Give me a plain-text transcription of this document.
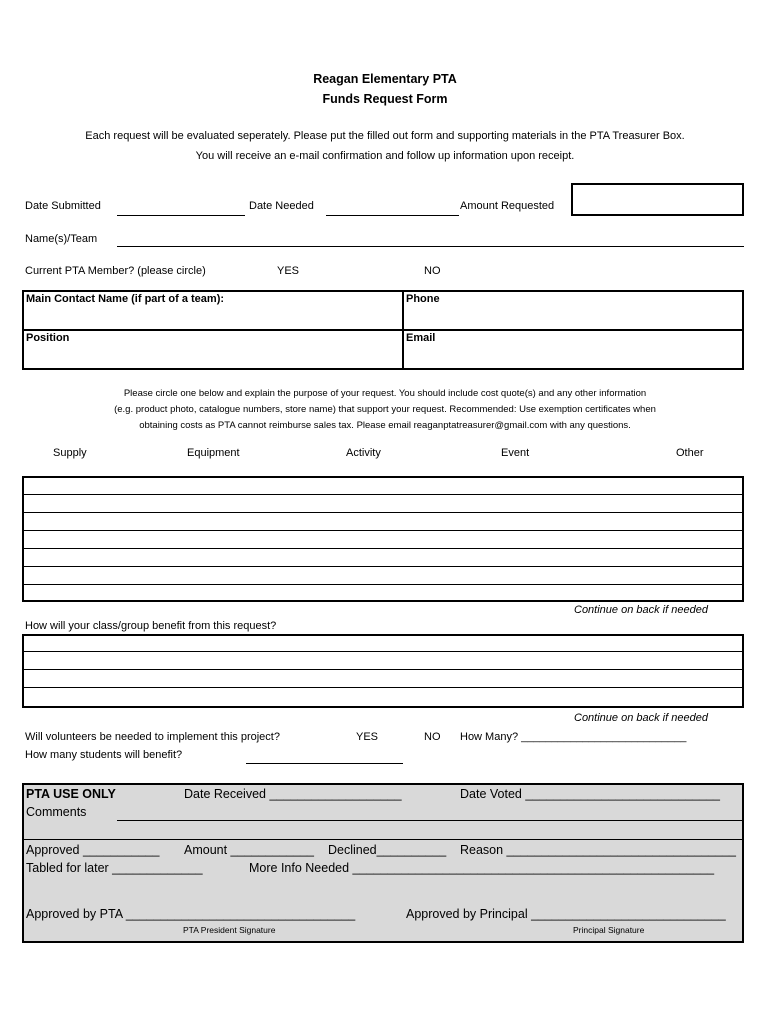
Reagan Elementary PTA
Funds Request Form
Each request will be evaluated seperately. Please put the filled out form and supporting materials in the PTA Treasurer Box.
You will receive an e-mail confirmation and follow up information upon receipt.
Date Submitted	Date Needed	Amount Requested
Name(s)/Team
Current PTA Member? (please circle)	YES	NO
Main Contact Name (if part of a team):	Phone
Position	Email
Please circle one below and explain the purpose of your request. You should include cost quote(s) and any other information
(e.g. product photo, catalogue numbers, store name) that support your request. Recommended: Use exemption certificates when
obtaining costs as PTA cannot reimburse sales tax. Please email reaganptatreasurer@gmail.com with any questions.
Supply	Equipment	Activity	Event	Other
Continue on back if needed
How will your class/group benefit from this request?
Continue on back if needed
Will volunteers be needed to implement this project?	YES	NO How Many? ___________________________
How many students will benefit?
PTA USE ONLY	Date Received ___________________	Date Voted ____________________________
Comments
Approved ___________ Amount ____________ Declined__________ Reason _________________________________
Tabled for later _____________	More Info Needed ____________________________________________________
Approved by PTA _________________________________	Approved by Principal ____________________________
PTA President Signature	Principal Signature
